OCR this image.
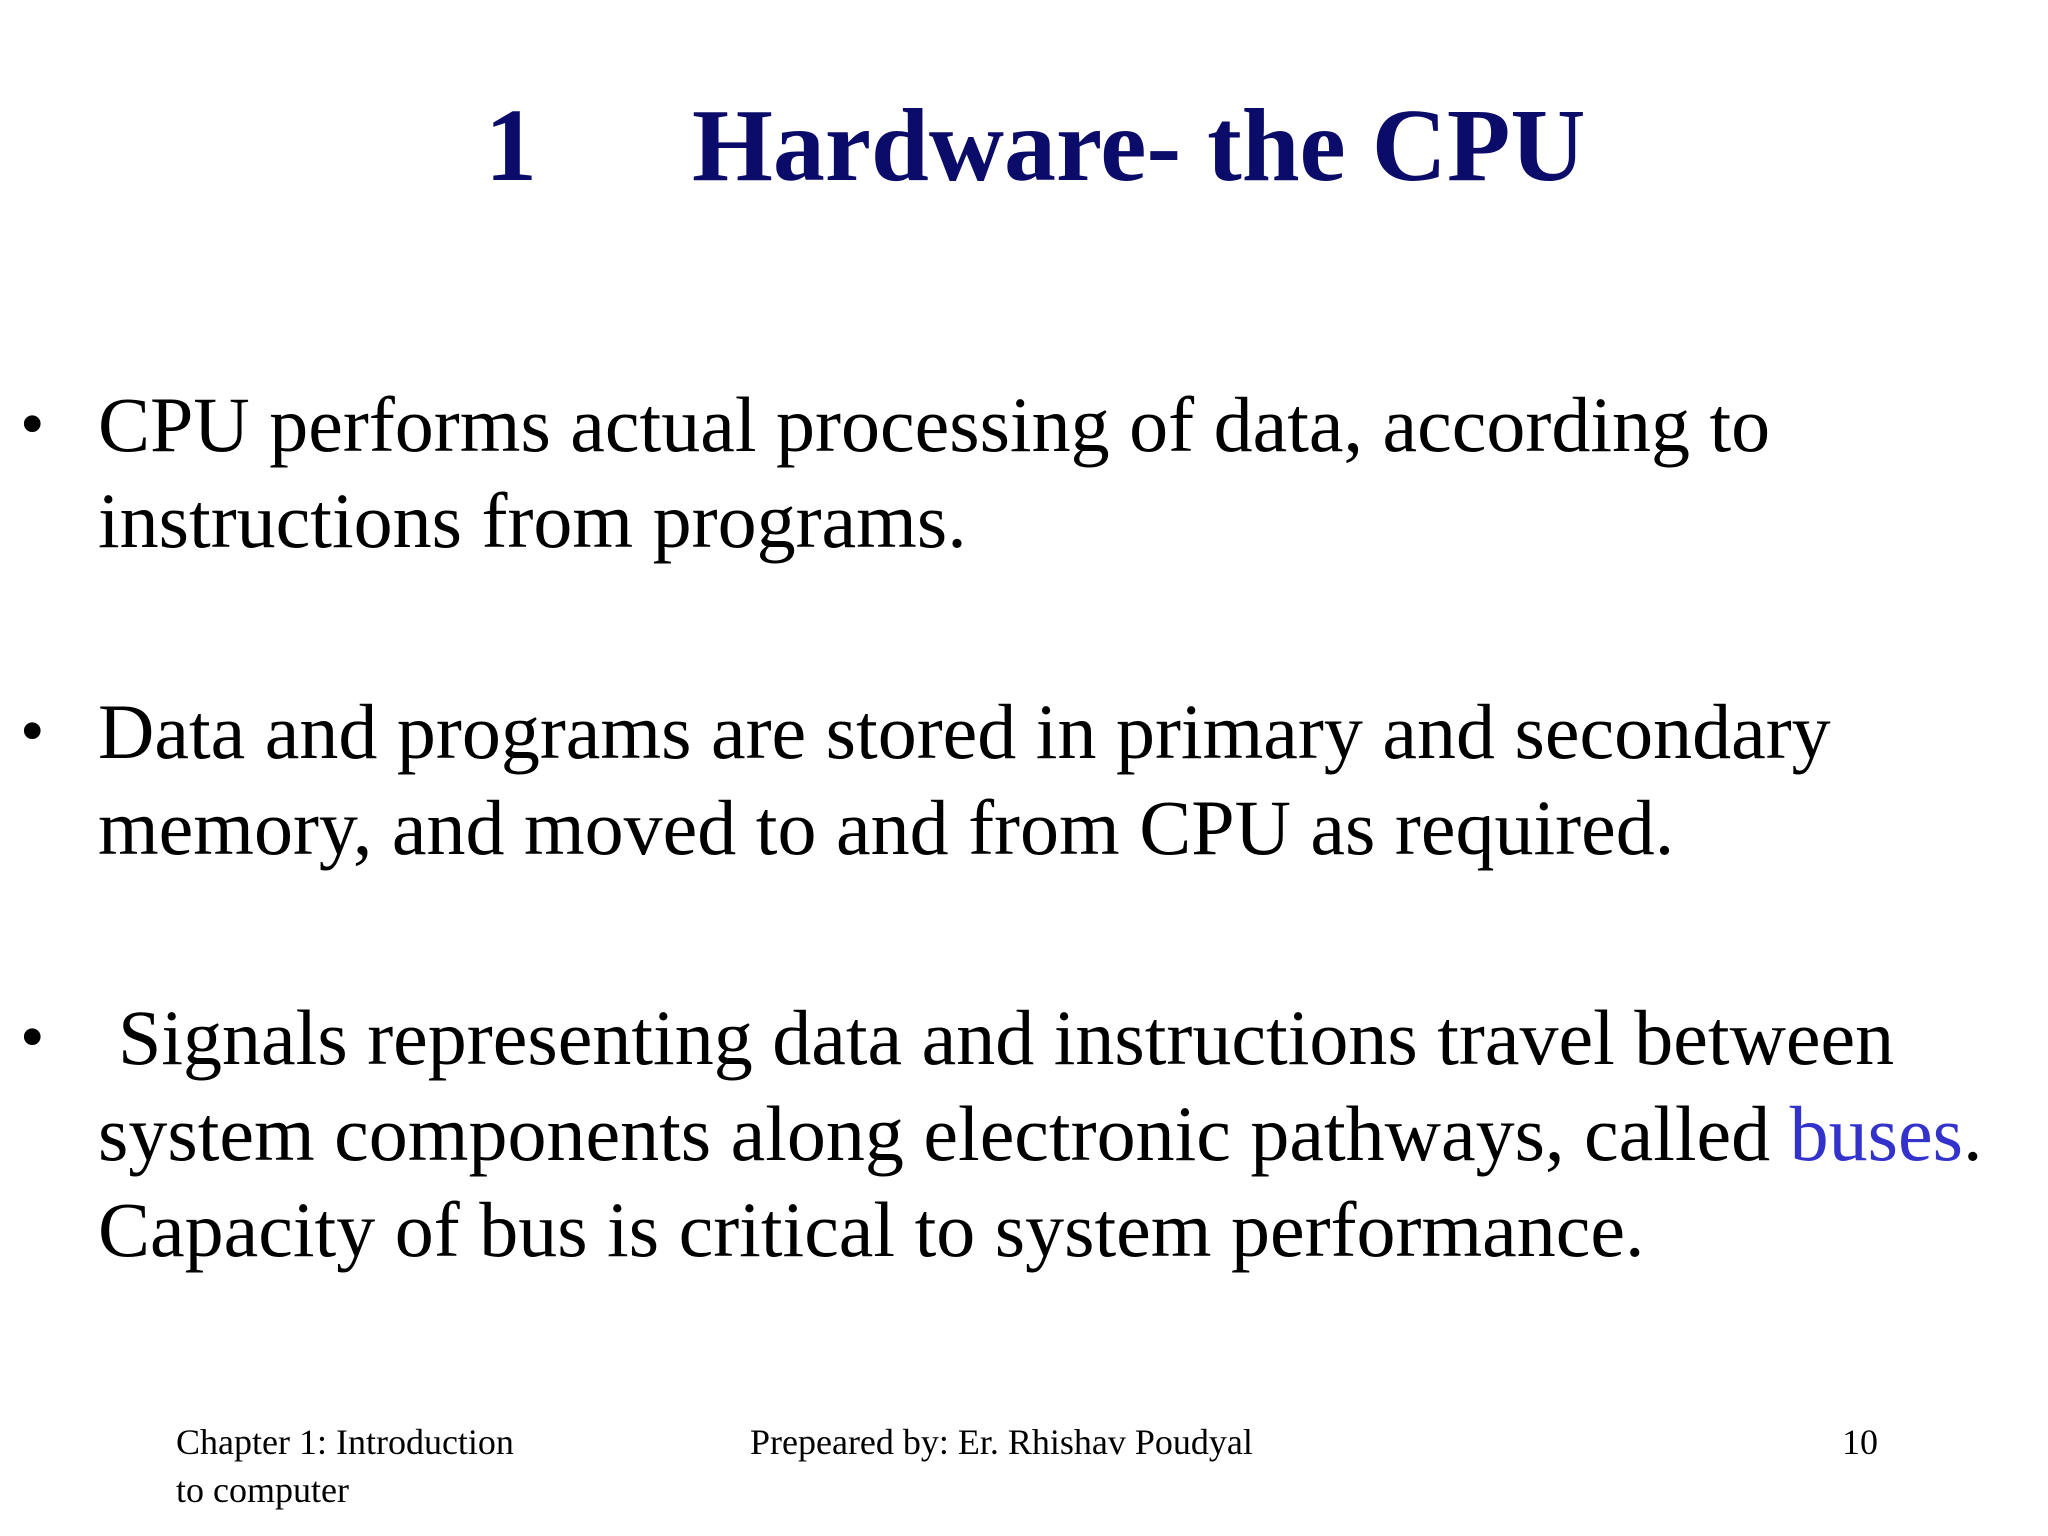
1 Hardware- the CPU
• CPU performs actual processing of data, according to
instructions from programs.
• Data and programs are stored in primary and secondary
memory, and moved to and from CPU as required.
• Signals representing data and instructions travel between
system components along electronic pathways, called buses.
Capacity of bus is critical to system performance.
Chapter 1: Introduction
to computer
Prepeared by: Er. Rhishav Poudyal	10
